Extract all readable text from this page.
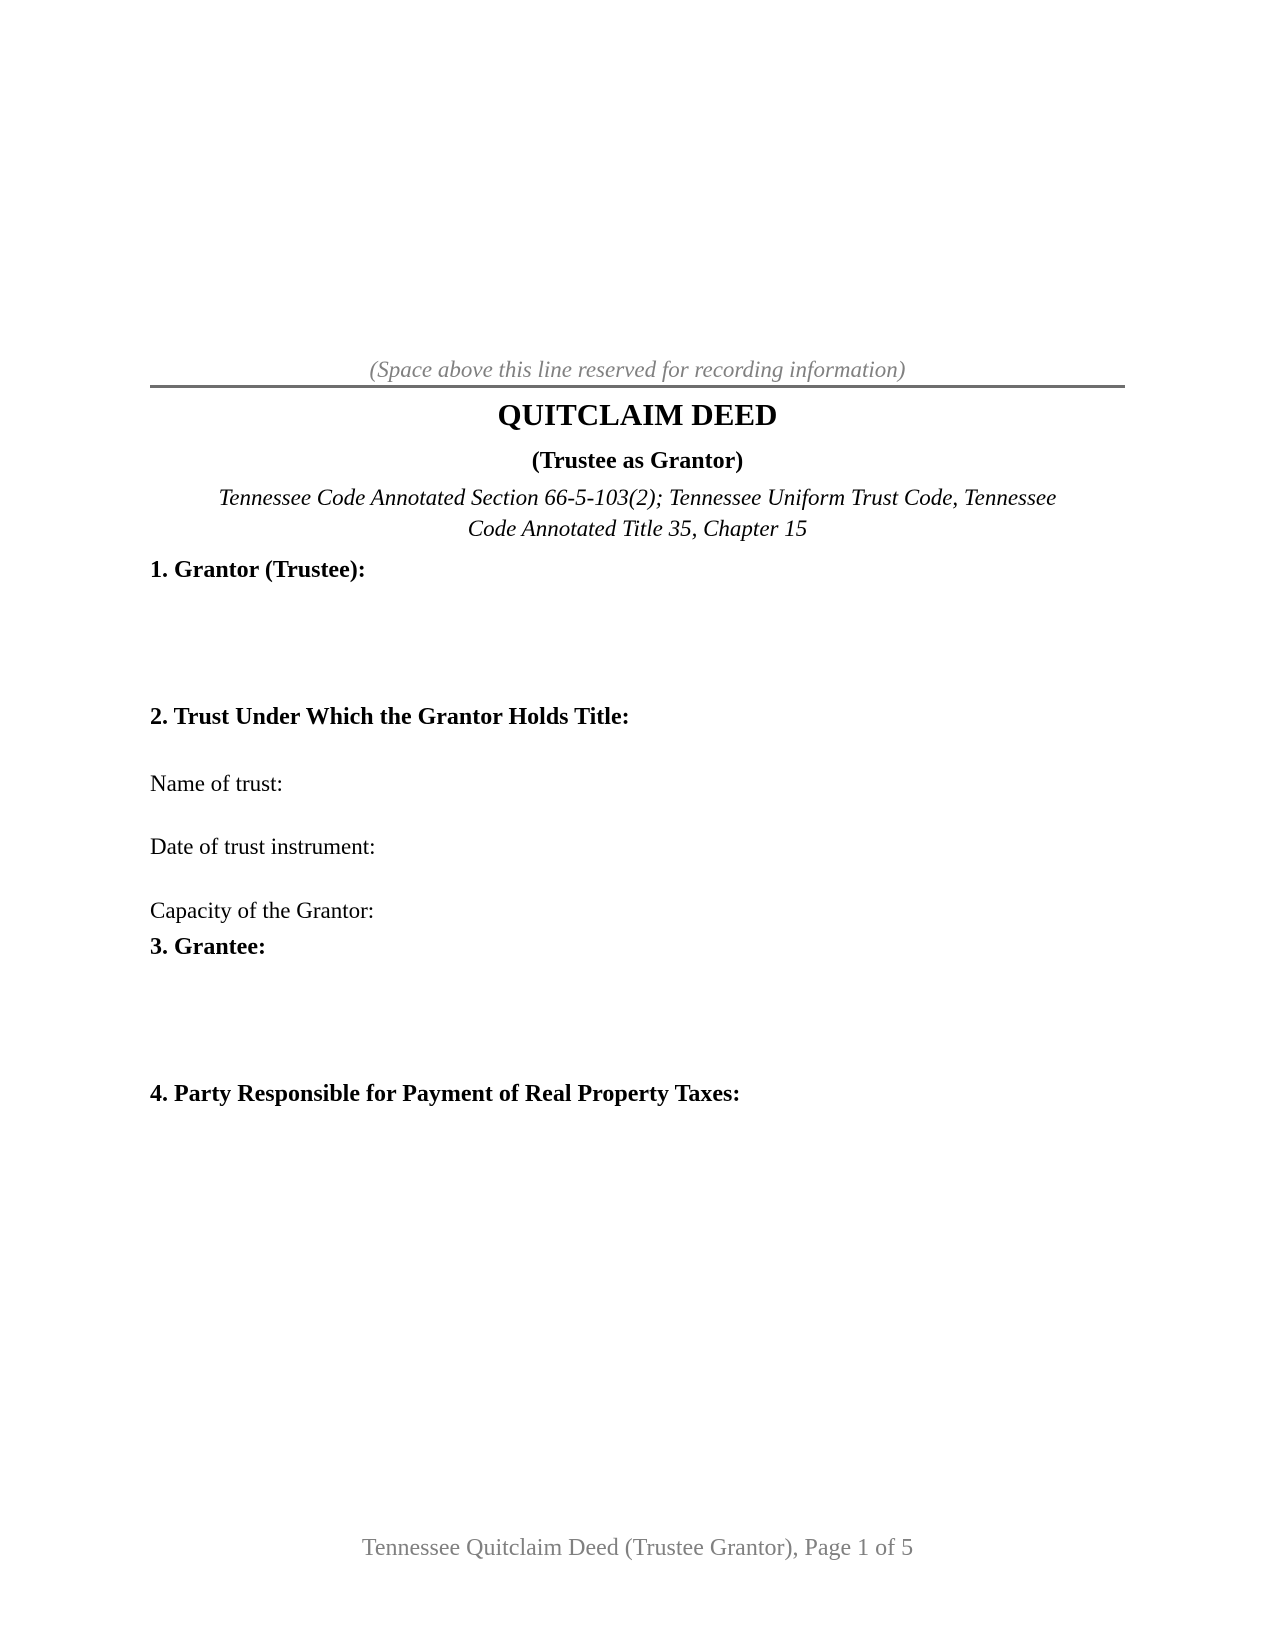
(Space above this line reserved for recording information)
QUITCLAIM DEED
(Trustee as Grantor)
Tennessee Code Annotated Section 66-5-103(2); Tennessee Uniform Trust Code, Tennessee
Code Annotated Title 35, Chapter 15
1. Grantor (Trustee):
2. Trust Under Which the Grantor Holds Title:
Name of trust:
Date of trust instrument:
Capacity of the Grantor:
3. Grantee:
4. Party Responsible for Payment of Real Property Taxes:
Tennessee Quitclaim Deed (Trustee Grantor), Page 1 of 5
